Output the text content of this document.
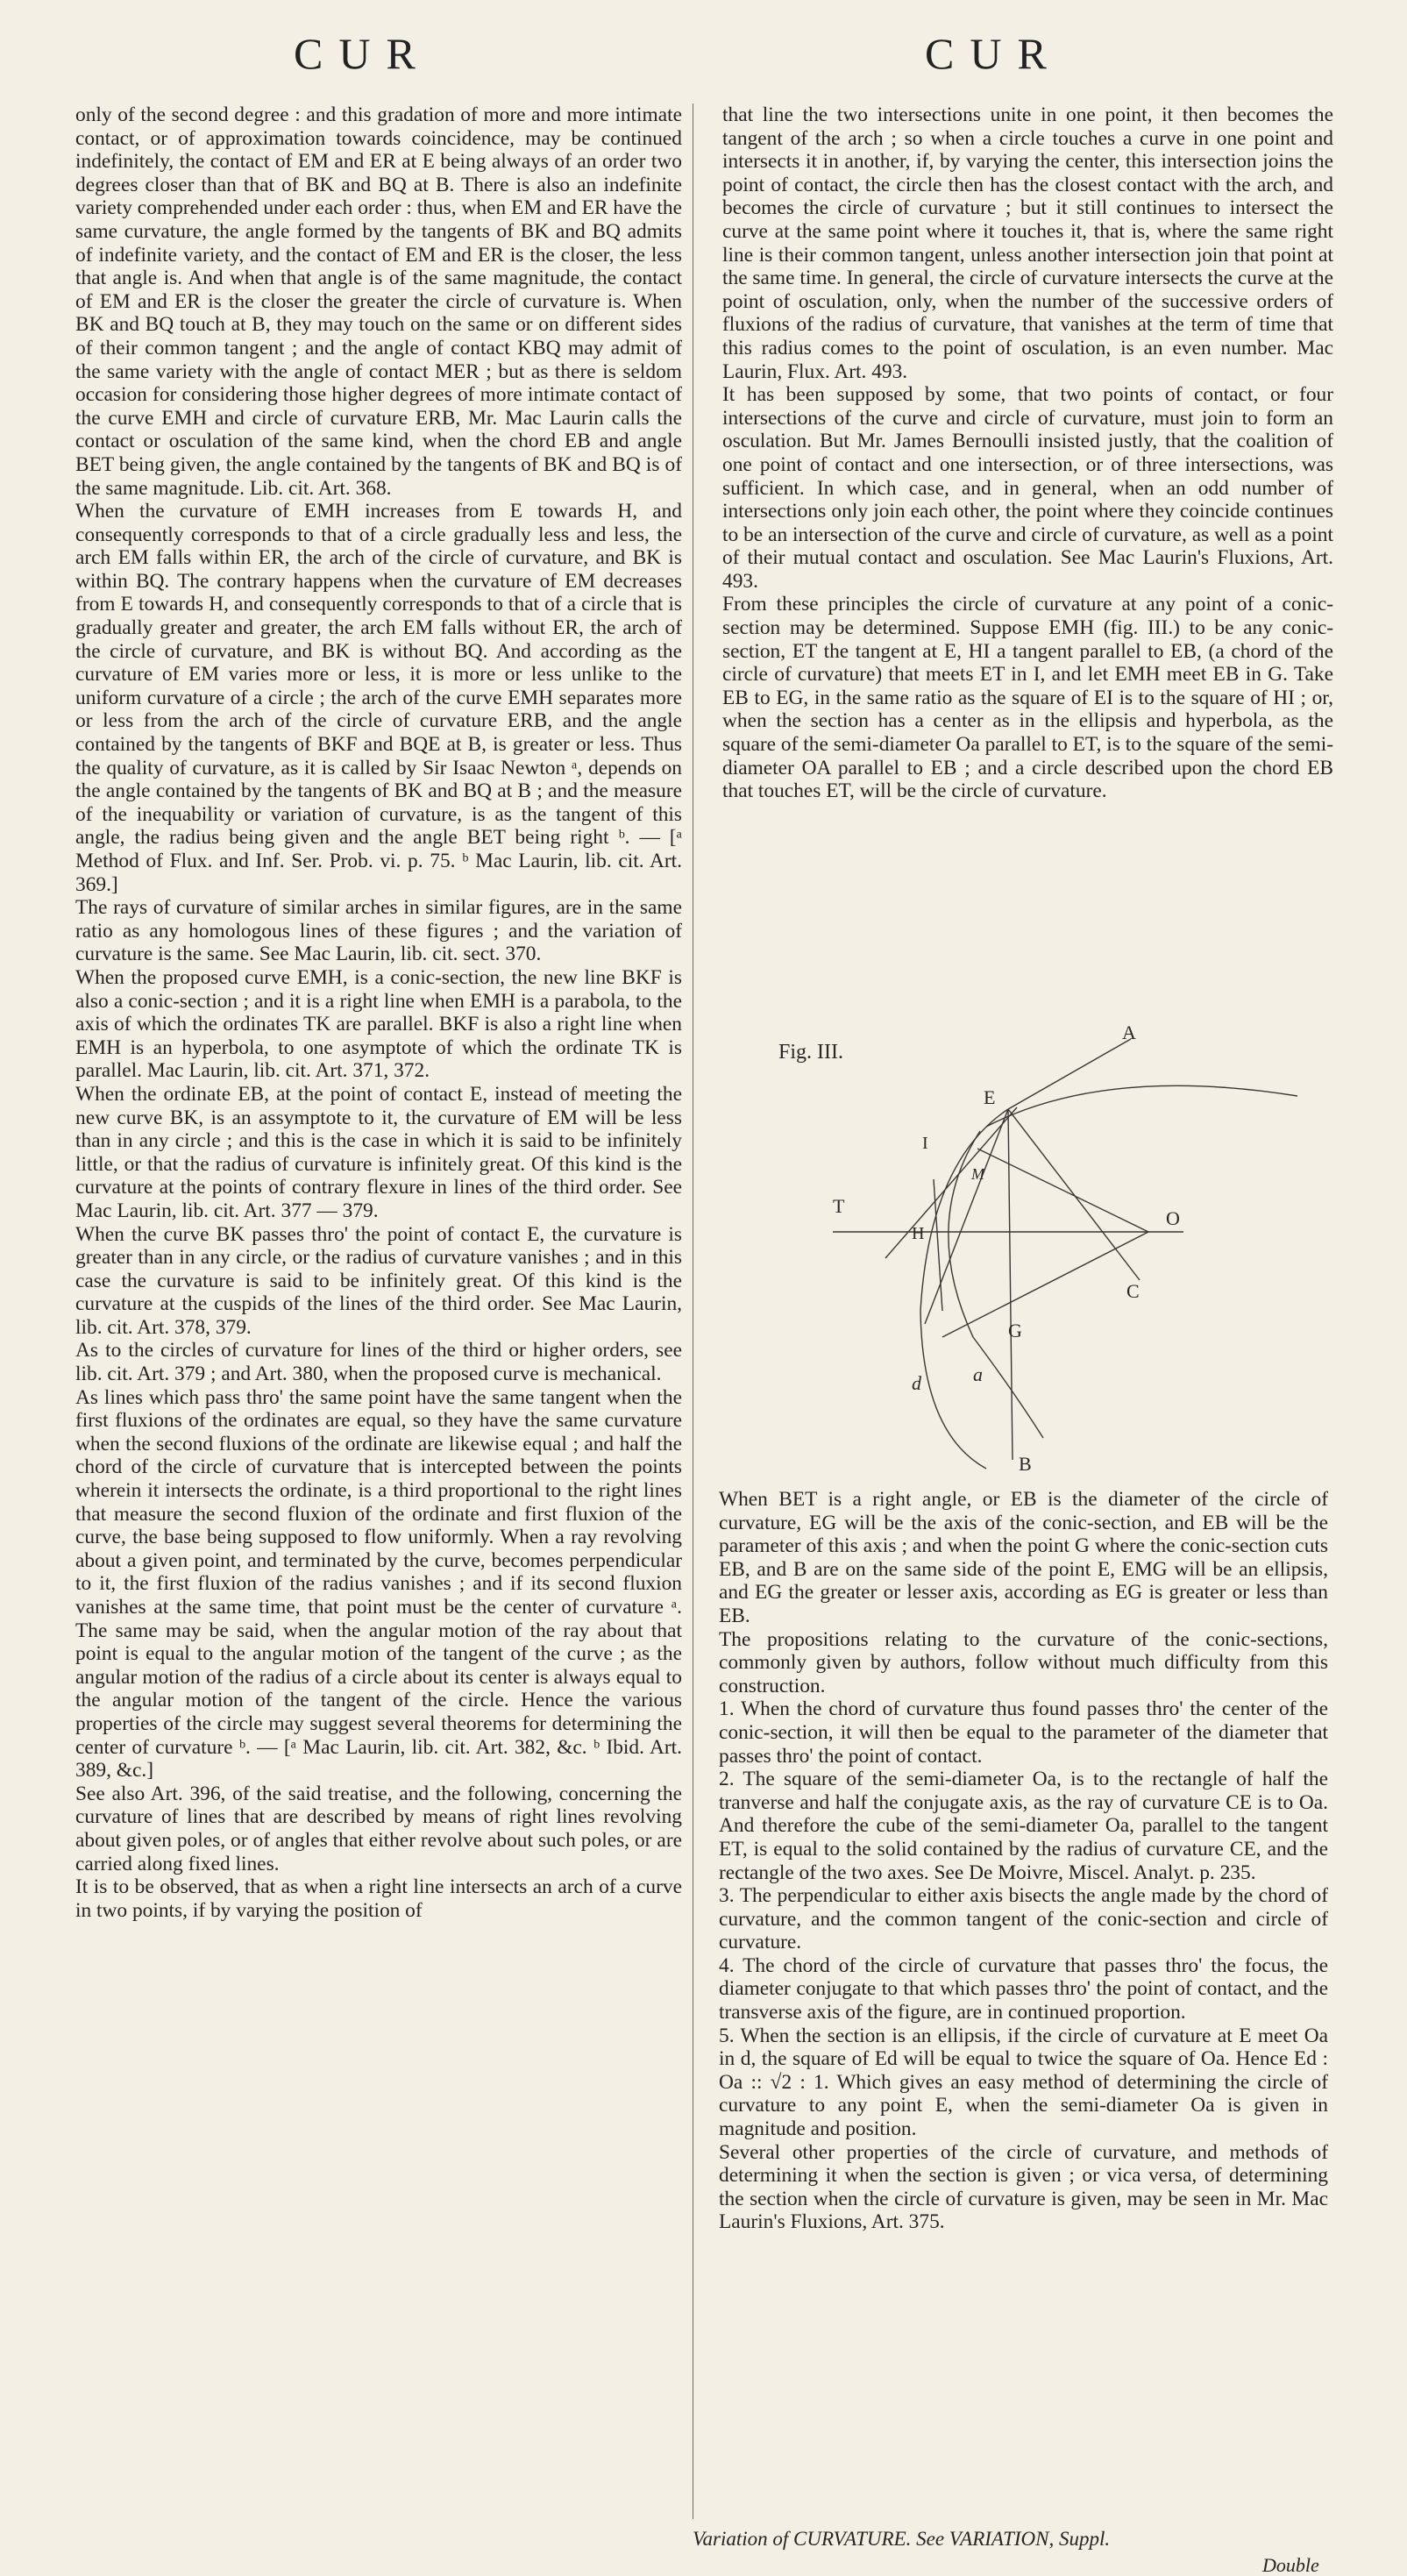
CUR	CUR

only of the second degree : and this gradation of more and more intimate contact, or of approximation towards coincidence, may be continued indefinitely, the contact of EM and ER at E being always of an order two degrees closer than that of BK and BQ at B. There is also an indefinite variety comprehended under each order : thus, when EM and ER have the same curvature, the angle formed by the tangents of BK and BQ admits of indefinite variety, and the contact of EM and ER is the closer, the less that angle is. And when that angle is of the same magnitude, the contact of EM and ER is the closer the greater the circle of curvature is. When BK and BQ touch at B, they may touch on the same or on different sides of their common tangent ; and the angle of contact KBQ may admit of the same variety with the angle of contact MER ; but as there is seldom occasion for considering those higher degrees of more intimate contact of the curve EMH and circle of curvature ERB, Mr. Mac Laurin calls the contact or osculation of the same kind, when the chord EB and angle BET being given, the angle contained by the tangents of BK and BQ is of the same magnitude. Lib. cit. Art. 368.

When the curvature of EMH increases from E towards H, and consequently corresponds to that of a circle gradually less and less, the arch EM falls within ER, the arch of the circle of curvature, and BK is within BQ. The contrary happens when the curvature of EM decreases from E towards H, and consequently corresponds to that of a circle that is gradually greater and greater, the arch EM falls without ER, the arch of the circle of curvature, and BK is without BQ. And according as the curvature of EM varies more or less, it is more or less unlike to the uniform curvature of a circle ; the arch of the curve EMH separates more or less from the arch of the circle of curvature ERB, and the angle contained by the tangents of BKF and BQE at B, is greater or less. Thus the quality of curvature, as it is called by Sir Isaac Newton ᵃ, depends on the angle contained by the tangents of BK and BQ at B ; and the measure of the inequability or variation of curvature, is as the tangent of this angle, the radius being given and the angle BET being right ᵇ. — [ᵃ Method of Flux. and Inf. Ser. Prob. vi. p. 75. ᵇ Mac Laurin, lib. cit. Art. 369.]

The rays of curvature of similar arches in similar figures, are in the same ratio as any homologous lines of these figures ; and the variation of curvature is the same. See Mac Laurin, lib. cit. sect. 370.

When the proposed curve EMH, is a conic-section, the new line BKF is also a conic-section ; and it is a right line when EMH is a parabola, to the axis of which the ordinates TK are parallel. BKF is also a right line when EMH is an hyperbola, to one asymptote of which the ordinate TK is parallel. Mac Laurin, lib. cit. Art. 371, 372.

When the ordinate EB, at the point of contact E, instead of meeting the new curve BK, is an assymptote to it, the curvature of EM will be less than in any circle ; and this is the case in which it is said to be infinitely little, or that the radius of curvature is infinitely great. Of this kind is the curvature at the points of contrary flexure in lines of the third order. See Mac Laurin, lib. cit. Art. 377 — 379.

When the curve BK passes thro' the point of contact E, the curvature is greater than in any circle, or the radius of curvature vanishes ; and in this case the curvature is said to be infinitely great. Of this kind is the curvature at the cuspids of the lines of the third order. See Mac Laurin, lib. cit. Art. 378, 379.

As to the circles of curvature for lines of the third or higher orders, see lib. cit. Art. 379 ; and Art. 380, when the proposed curve is mechanical.

As lines which pass thro' the same point have the same tangent when the first fluxions of the ordinates are equal, so they have the same curvature when the second fluxions of the ordinate are likewise equal ; and half the chord of the circle of curvature that is intercepted between the points wherein it intersects the ordinate, is a third proportional to the right lines that measure the second fluxion of the ordinate and first fluxion of the curve, the base being supposed to flow uniformly. When a ray revolving about a given point, and terminated by the curve, becomes perpendicular to it, the first fluxion of the radius vanishes ; and if its second fluxion vanishes at the same time, that point must be the center of curvature ᵃ. The same may be said, when the angular motion of the ray about that point is equal to the angular motion of the tangent of the curve ; as the angular motion of the radius of a circle about its center is always equal to the angular motion of the tangent of the circle. Hence the various properties of the circle may suggest several theorems for determining the center of curvature ᵇ. — [ᵃ Mac Laurin, lib. cit. Art. 382, &c. ᵇ Ibid. Art. 389, &c.]

See also Art. 396, of the said treatise, and the following, concerning the curvature of lines that are described by means of right lines revolving about given poles, or of angles that either revolve about such poles, or are carried along fixed lines.

It is to be observed, that as when a right line intersects an arch of a curve in two points, if by varying the position of

that line the two intersections unite in one point, it then becomes the tangent of the arch ; so when a circle touches a curve in one point and intersects it in another, if, by varying the center, this intersection joins the point of contact, the circle then has the closest contact with the arch, and becomes the circle of curvature ; but it still continues to intersect the curve at the same point where it touches it, that is, where the same right line is their common tangent, unless another intersection join that point at the same time. In general, the circle of curvature intersects the curve at the point of osculation, only, when the number of the successive orders of fluxions of the radius of curvature, that vanishes at the term of time that this radius comes to the point of osculation, is an even number. Mac Laurin, Flux. Art. 493.

It has been supposed by some, that two points of contact, or four intersections of the curve and circle of curvature, must join to form an osculation. But Mr. James Bernoulli insisted justly, that the coalition of one point of contact and one intersection, or of three intersections, was sufficient. In which case, and in general, when an odd number of intersections only join each other, the point where they coincide continues to be an intersection of the curve and circle of curvature, as well as a point of their mutual contact and osculation. See Mac Laurin's Fluxions, Art. 493.

From these principles the circle of curvature at any point of a conic-section may be determined. Suppose EMH (fig. III.) to be any conic-section, ET the tangent at E, HI a tangent parallel to EB, (a chord of the circle of curvature) that meets ET in I, and let EMH meet EB in G. Take EB to EG, in the same ratio as the square of EI is to the square of HI ; or, when the section has a center as in the ellipsis and hyperbola, as the square of the semi-diameter Oa parallel to ET, is to the square of the semi-diameter OA parallel to EB ; and a circle described upon the chord EB that touches ET, will be the circle of curvature.

Fig. III.
A
E
I
M
T
O
H
C
G
d	a
B

When BET is a right angle, or EB is the diameter of the circle of curvature, EG will be the axis of the conic-section, and EB will be the parameter of this axis ; and when the point G where the conic-section cuts EB, and B are on the same side of the point E, EMG will be an ellipsis, and EG the greater or lesser axis, according as EG is greater or less than EB.

The propositions relating to the curvature of the conic-sections, commonly given by authors, follow without much difficulty from this construction.

1. When the chord of curvature thus found passes thro' the center of the conic-section, it will then be equal to the parameter of the diameter that passes thro' the point of contact.

2. The square of the semi-diameter Oa, is to the rectangle of half the tranverse and half the conjugate axis, as the ray of curvature CE is to Oa. And therefore the cube of the semi-diameter Oa, parallel to the tangent ET, is equal to the solid contained by the radius of curvature CE, and the rectangle of the two axes. See De Moivre, Miscel. Analyt. p. 235.

3. The perpendicular to either axis bisects the angle made by the chord of curvature, and the common tangent of the conic-section and circle of curvature.

4. The chord of the circle of curvature that passes thro' the focus, the diameter conjugate to that which passes thro' the point of contact, and the transverse axis of the figure, are in continued proportion.

5. When the section is an ellipsis, if the circle of curvature at E meet Oa in d, the square of Ed will be equal to twice the square of Oa. Hence Ed : Oa :: √2 : 1. Which gives an easy method of determining the circle of curvature to any point E, when the semi-diameter Oa is given in magnitude and position.

Several other properties of the circle of curvature, and methods of determining it when the section is given ; or vica versa, of determining the section when the circle of curvature is given, may be seen in Mr. Mac Laurin's Fluxions, Art. 375.

Variation of CURVATURE. See VARIATION, Suppl.
Double
